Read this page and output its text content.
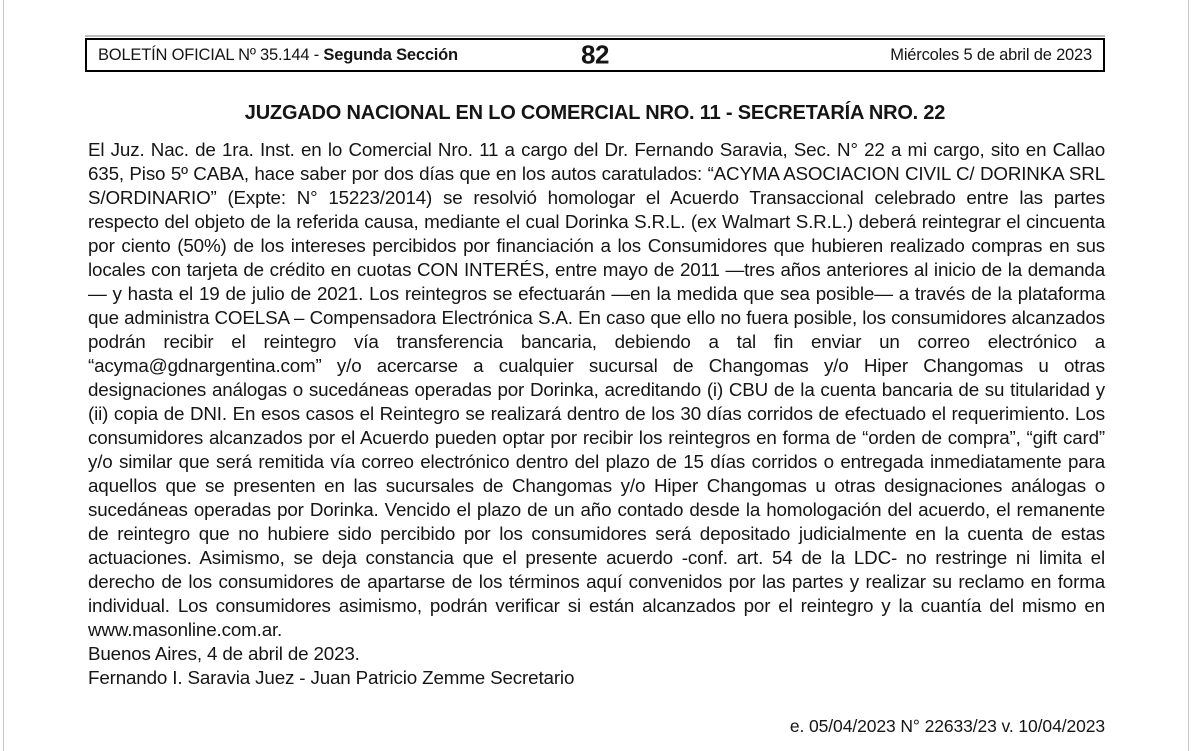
BOLETÍN OFICIAL Nº 35.144 - Segunda Sección	82	Miércoles 5 de abril de 2023
JUZGADO NACIONAL EN LO COMERCIAL NRO. 11 - SECRETARÍA NRO. 22

El Juz. Nac. de 1ra. Inst. en lo Comercial Nro. 11 a cargo del Dr. Fernando Saravia, Sec. N° 22 a mi cargo, sito en Callao 635, Piso 5º CABA, hace saber por dos días que en los autos caratulados: “ACYMA ASOCIACION CIVIL C/ DORINKA SRL S/ORDINARIO” (Expte: N° 15223/2014) se resolvió homologar el Acuerdo Transaccional celebrado entre las partes respecto del objeto de la referida causa, mediante el cual Dorinka S.R.L. (ex Walmart S.R.L.) deberá reintegrar el cincuenta por ciento (50%) de los intereses percibidos por financiación a los Consumidores que hubieren realizado compras en sus locales con tarjeta de crédito en cuotas CON INTERÉS, entre mayo de 2011 —tres años anteriores al inicio de la demanda— y hasta el 19 de julio de 2021. Los reintegros se efectuarán —en la medida que sea posible— a través de la plataforma que administra COELSA – Compensadora Electrónica S.A. En caso que ello no fuera posible, los consumidores alcanzados podrán recibir el reintegro vía transferencia bancaria, debiendo a tal fin enviar un correo electrónico a “acyma@gdnargentina.com” y/o acercarse a cualquier sucursal de Changomas y/o Hiper Changomas u otras designaciones análogas o sucedáneas operadas por Dorinka, acreditando (i) CBU de la cuenta bancaria de su titularidad y (ii) copia de DNI. En esos casos el Reintegro se realizará dentro de los 30 días corridos de efectuado el requerimiento. Los consumidores alcanzados por el Acuerdo pueden optar por recibir los reintegros en forma de “orden de compra”, “gift card” y/o similar que será remitida vía correo electrónico dentro del plazo de 15 días corridos o entregada inmediatamente para aquellos que se presenten en las sucursales de Changomas y/o Hiper Changomas u otras designaciones análogas o sucedáneas operadas por Dorinka. Vencido el plazo de un año contado desde la homologación del acuerdo, el remanente de reintegro que no hubiere sido percibido por los consumidores será depositado judicialmente en la cuenta de estas actuaciones. Asimismo, se deja constancia que el presente acuerdo -conf. art. 54 de la LDC- no restringe ni limita el derecho de los consumidores de apartarse de los términos aquí convenidos por las partes y realizar su reclamo en forma individual. Los consumidores asimismo, podrán verificar si están alcanzados por el reintegro y la cuantía del mismo en www.masonline.com.ar.

Buenos Aires, 4 de abril de 2023.
Fernando I. Saravia Juez - Juan Patricio Zemme Secretario
e. 05/04/2023 N° 22633/23 v. 10/04/2023
